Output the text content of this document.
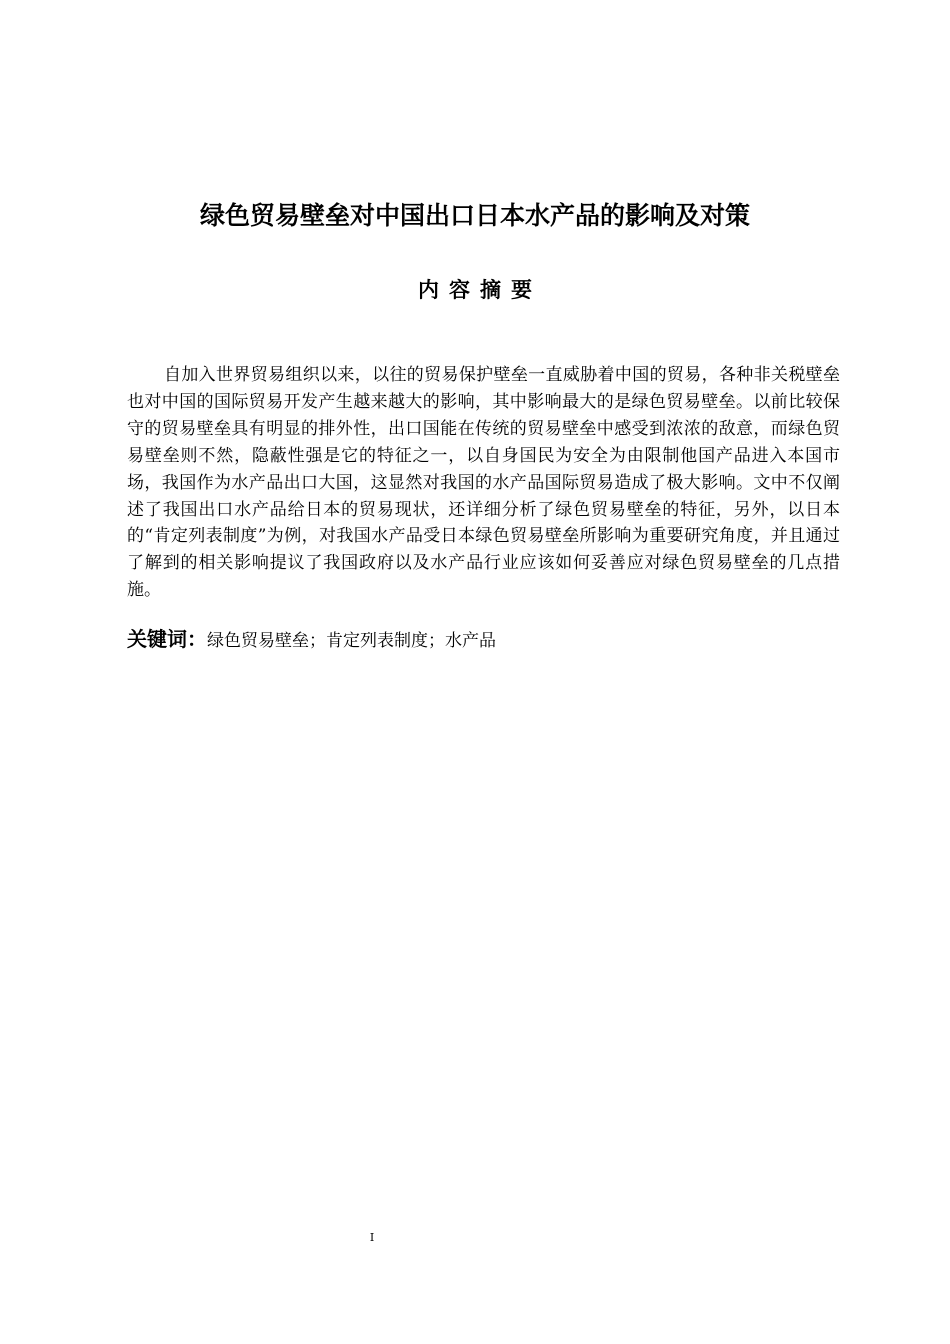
绿色贸易壁垒对中国出口日本水产品的影响及对策
内容摘要

自加入世界贸易组织以来，以往的贸易保护壁垒一直威胁着中国的贸易，各种非关税壁垒也对中国的国际贸易开发产生越来越大的影响，其中影响最大的是绿色贸易壁垒。以前比较保守的贸易壁垒具有明显的排外性，出口国能在传统的贸易壁垒中感受到浓浓的敌意，而绿色贸易壁垒则不然，隐蔽性强是它的特征之一，以自身国民为安全为由限制他国产品进入本国市场，我国作为水产品出口大国，这显然对我国的水产品国际贸易造成了极大影响。文中不仅阐述了我国出口水产品给日本的贸易现状，还详细分析了绿色贸易壁垒的特征，另外，以日本的“肯定列表制度”为例，对我国水产品受日本绿色贸易壁垒所影响为重要研究角度，并且通过了解到的相关影响提议了我国政府以及水产品行业应该如何妥善应对绿色贸易壁垒的几点措施。

关键词：绿色贸易壁垒；肯定列表制度；水产品
I
